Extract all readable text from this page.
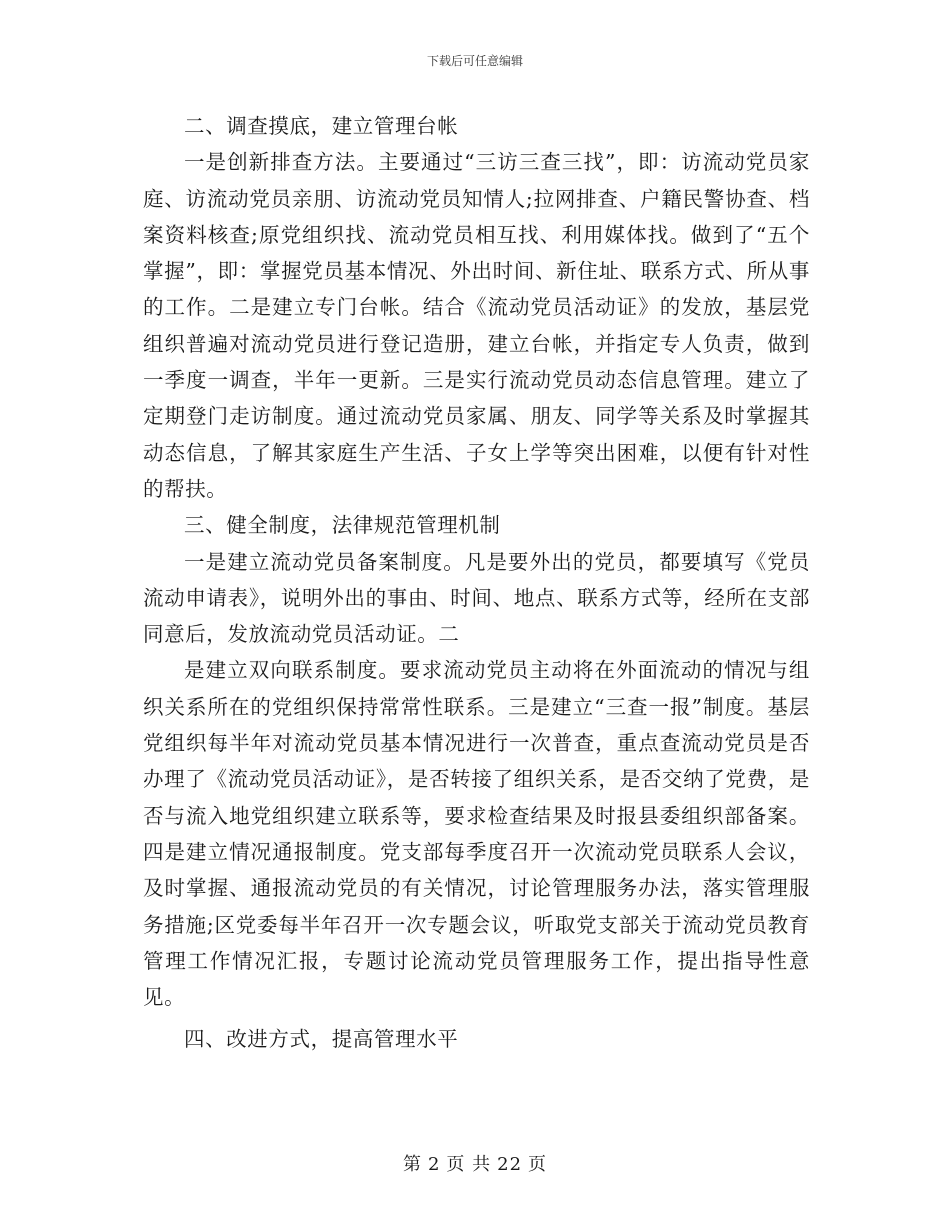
下载后可任意编辑

二、调查摸底，建立管理台帐

一是创新排查方法。主要通过“三访三查三找”，即：访流动党员家庭、访流动党员亲朋、访流动党员知情人;拉网排查、户籍民警协查、档案资料核查;原党组织找、流动党员相互找、利用媒体找。做到了“五个掌握”，即：掌握党员基本情况、外出时间、新住址、联系方式、所从事的工作。二是建立专门台帐。结合《流动党员活动证》的发放，基层党组织普遍对流动党员进行登记造册，建立台帐，并指定专人负责，做到一季度一调查，半年一更新。三是实行流动党员动态信息管理。建立了定期登门走访制度。通过流动党员家属、朋友、同学等关系及时掌握其动态信息，了解其家庭生产生活、子女上学等突出困难，以便有针对性的帮扶。

三、健全制度，法律规范管理机制

一是建立流动党员备案制度。凡是要外出的党员，都要填写《党员流动申请表》，说明外出的事由、时间、地点、联系方式等，经所在支部同意后，发放流动党员活动证。二

是建立双向联系制度。要求流动党员主动将在外面流动的情况与组织关系所在的党组织保持常常性联系。三是建立“三查一报”制度。基层党组织每半年对流动党员基本情况进行一次普查，重点查流动党员是否办理了《流动党员活动证》，是否转接了组织关系，是否交纳了党费，是否与流入地党组织建立联系等，要求检查结果及时报县委组织部备案。四是建立情况通报制度。党支部每季度召开一次流动党员联系人会议，及时掌握、通报流动党员的有关情况，讨论管理服务办法，落实管理服务措施;区党委每半年召开一次专题会议，听取党支部关于流动党员教育管理工作情况汇报，专题讨论流动党员管理服务工作，提出指导性意见。

四、改进方式，提高管理水平

第 2 页 共 22 页
